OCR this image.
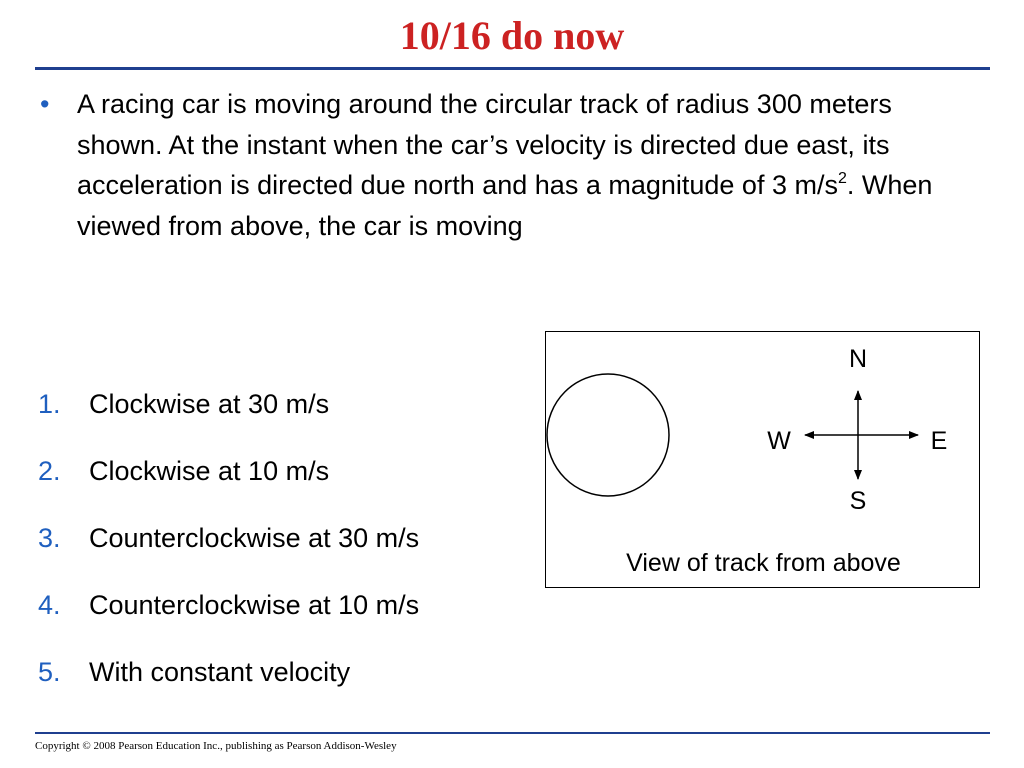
10/16 do now
• A racing car is moving around the circular track of radius 300 meters shown. At the instant when the car’s velocity is directed due east, its acceleration is directed due north and has a magnitude of 3 $m/s^2$. When viewed from above, the car is moving
1. Clockwise at 30 m/s
2. Clockwise at 10 m/s
3. Counterclockwise at 30 m/s
4. Counterclockwise at 10 m/s
5. With constant velocity
N
S
E
W
View of track from above
Copyright © 2008 Pearson Education Inc., publishing as Pearson Addison-Wesley
